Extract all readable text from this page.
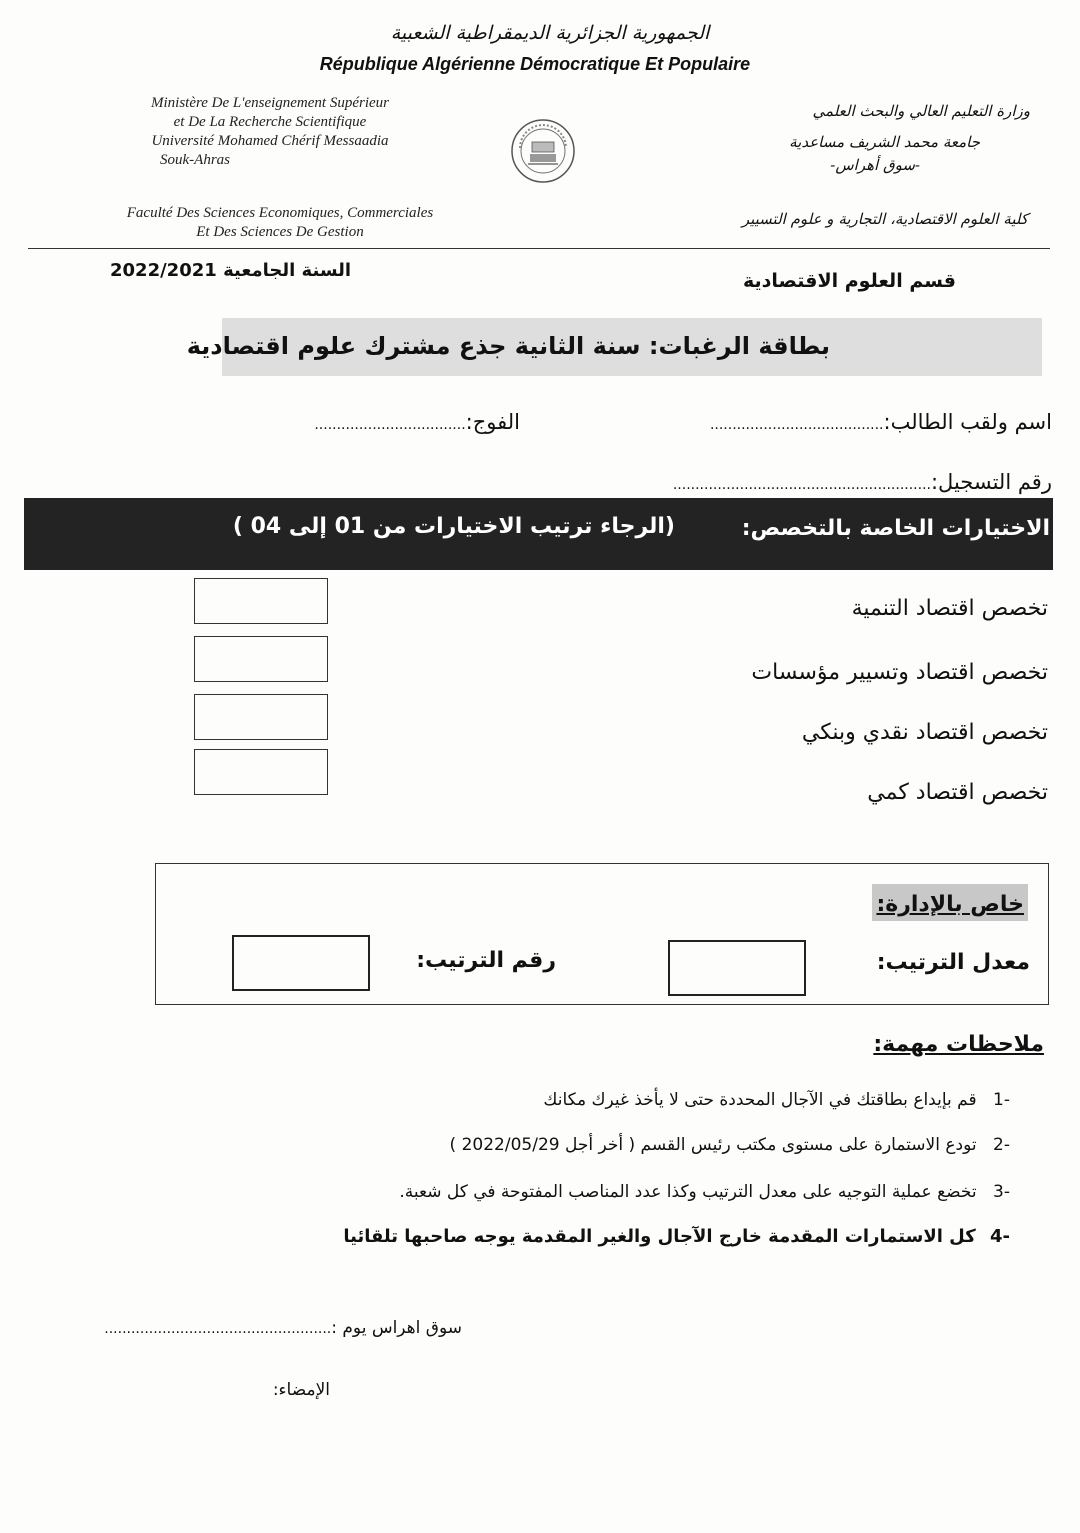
الجمهورية الجزائرية الديمقراطية الشعبية
République Algérienne Démocratique Et Populaire
Ministère De L'enseignement Supérieur
et De La Recherche Scientifique
Université Mohamed Chérif Messaadia
Souk-Ahras
Faculté Des Sciences Economiques, Commerciales
Et Des Sciences De Gestion
وزارة التعليم العالي والبحث العلمي
جامعة محمد الشريف مساعدية
-سوق أهراس-
كلية العلوم الاقتصادية، التجارية و علوم التسيير
قسم العلوم الاقتصادية
السنة الجامعية 2022/2021
بطاقة الرغبات: سنة الثانية جذع مشترك علوم اقتصادية
اسم ولقب الطالب:.......................................
الفوج:..................................
رقم التسجيل:..........................................................
الاختيارات الخاصة بالتخصص:
(الرجاء ترتيب الاختيارات من 01 إلى 04 )
تخصص اقتصاد التنمية
تخصص اقتصاد وتسيير مؤسسات
تخصص اقتصاد نقدي وبنكي
تخصص اقتصاد كمي
خاص بالإدارة:
معدل الترتيب:
رقم الترتيب:
ملاحظات مهمة:
-1 قم بإيداع بطاقتك في الآجال المحددة حتى لا يأخذ غيرك مكانك
-2 تودع الاستمارة على مستوى مكتب رئيس القسم ( أخر أجل 2022/05/29 )
-3 تخضع عملية التوجيه على معدل الترتيب وكذا عدد المناصب المفتوحة في كل شعبة.
-4 كل الاستمارات المقدمة خارج الآجال والغير المقدمة يوجه صاحبها تلقائيا
سوق اهراس يوم :...................................................
الإمضاء:
